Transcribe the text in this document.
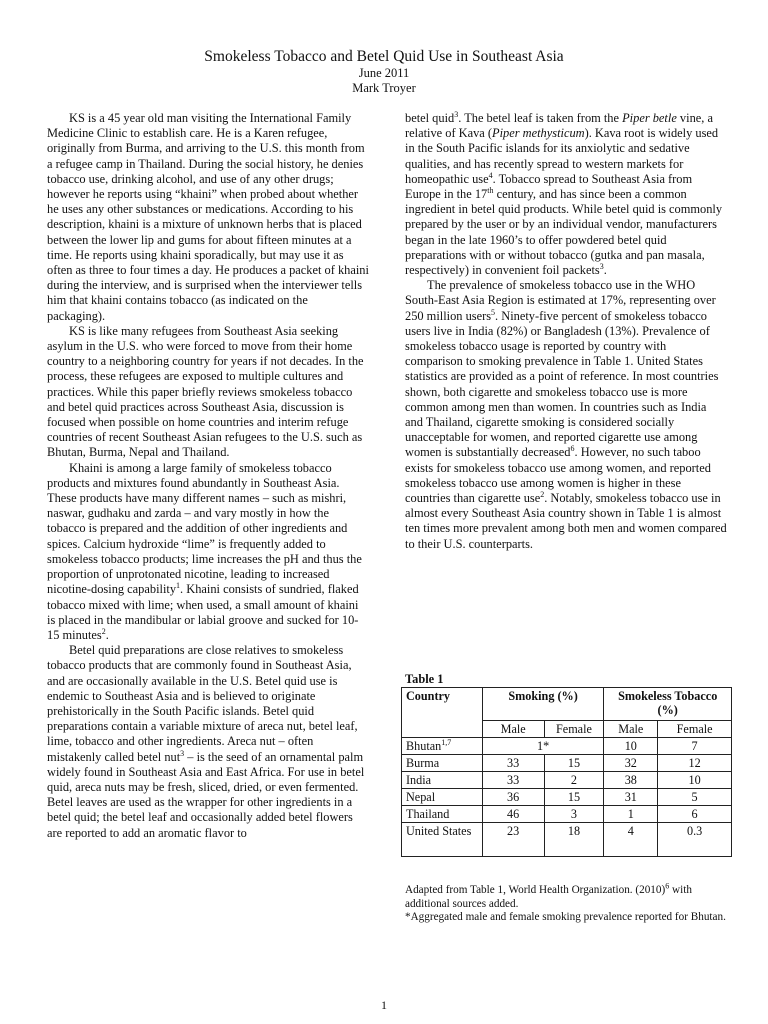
Smokeless Tobacco and Betel Quid Use in Southeast Asia
June 2011
Mark Troyer

KS is a 45 year old man visiting the International Family Medicine Clinic to establish care. He is a Karen refugee, originally from Burma, and arriving to the U.S. this month from a refugee camp in Thailand. During the social history, he denies tobacco use, drinking alcohol, and use of any other drugs; however he reports using “khaini” when probed about whether he uses any other substances or medications. According to his description, khaini is a mixture of unknown herbs that is placed between the lower lip and gums for about fifteen minutes at a time. He reports using khaini sporadically, but may use it as often as three to four times a day. He produces a packet of khaini during the interview, and is surprised when the interviewer tells him that khaini contains tobacco (as indicated on the packaging).

KS is like many refugees from Southeast Asia seeking asylum in the U.S. who were forced to move from their home country to a neighboring country for years if not decades. In the process, these refugees are exposed to multiple cultures and practices. While this paper briefly reviews smokeless tobacco and betel quid practices across Southeast Asia, discussion is focused when possible on home countries and interim refuge countries of recent Southeast Asian refugees to the U.S. such as Bhutan, Burma, Nepal and Thailand.

Khaini is among a large family of smokeless tobacco products and mixtures found abundantly in Southeast Asia. These products have many different names – such as mishri, naswar, gudhaku and zarda – and vary mostly in how the tobacco is prepared and the addition of other ingredients and spices. Calcium hydroxide “lime” is frequently added to smokeless tobacco products; lime increases the pH and thus the proportion of unprotonated nicotine, leading to increased nicotine-dosing capability$^1$. Khaini consists of sundried, flaked tobacco mixed with lime; when used, a small amount of khaini is placed in the mandibular or labial groove and sucked for 10-15 minutes$^2$.

Betel quid preparations are close relatives to smokeless tobacco products that are commonly found in Southeast Asia, and are occasionally available in the U.S. Betel quid use is endemic to Southeast Asia and is believed to originate prehistorically in the South Pacific islands. Betel quid preparations contain a variable mixture of areca nut, betel leaf, lime, tobacco and other ingredients. Areca nut – often mistakenly called betel nut$^3$ – is the seed of an ornamental palm widely found in Southeast Asia and East Africa. For use in betel quid, areca nuts may be fresh, sliced, dried, or even fermented. Betel leaves are used as the wrapper for other ingredients in a betel quid; the betel leaf and occasionally added betel flowers are reported to add an aromatic flavor to

betel quid$^3$. The betel leaf is taken from the Piper betle vine, a relative of Kava (Piper methysticum). Kava root is widely used in the South Pacific islands for its anxiolytic and sedative qualities, and has recently spread to western markets for homeopathic use$^4$. Tobacco spread to Southeast Asia from Europe in the 17th century, and has since been a common ingredient in betel quid products. While betel quid is commonly prepared by the user or by an individual vendor, manufacturers began in the late 1960’s to offer powdered betel quid preparations with or without tobacco (gutka and pan masala, respectively) in convenient foil packets$^3$.

The prevalence of smokeless tobacco use in the WHO South-East Asia Region is estimated at 17%, representing over 250 million users$^5$. Ninety-five percent of smokeless tobacco users live in India (82%) or Bangladesh (13%). Prevalence of smokeless tobacco usage is reported by country with comparison to smoking prevalence in Table 1. United States statistics are provided as a point of reference. In most countries shown, both cigarette and smokeless tobacco use is more common among men than women. In countries such as India and Thailand, cigarette smoking is considered socially unacceptable for women, and reported cigarette use among women is substantially decreased$^6$. However, no such taboo exists for smokeless tobacco use among women, and reported smokeless tobacco use among women is higher in these countries than cigarette use$^2$. Notably, smokeless tobacco use in almost every Southeast Asia country shown in Table 1 is almost ten times more prevalent among both men and women compared to their U.S. counterparts.

Table 1
Country	Smoking (%)		Smokeless Tobacco (%)	
	Male	Female	Male	Female
Bhutan$^{1,7}$	1*		10	7
Burma	33	15	32	12
India	33	2	38	10
Nepal	36	15	31	5
Thailand	46	3	1	6
United States	23	18	4	0.3
Adapted from Table 1, World Health Organization. $(2010)^6$ with additional sources added.
*Aggregated male and female smoking prevalence reported for Bhutan.
1
